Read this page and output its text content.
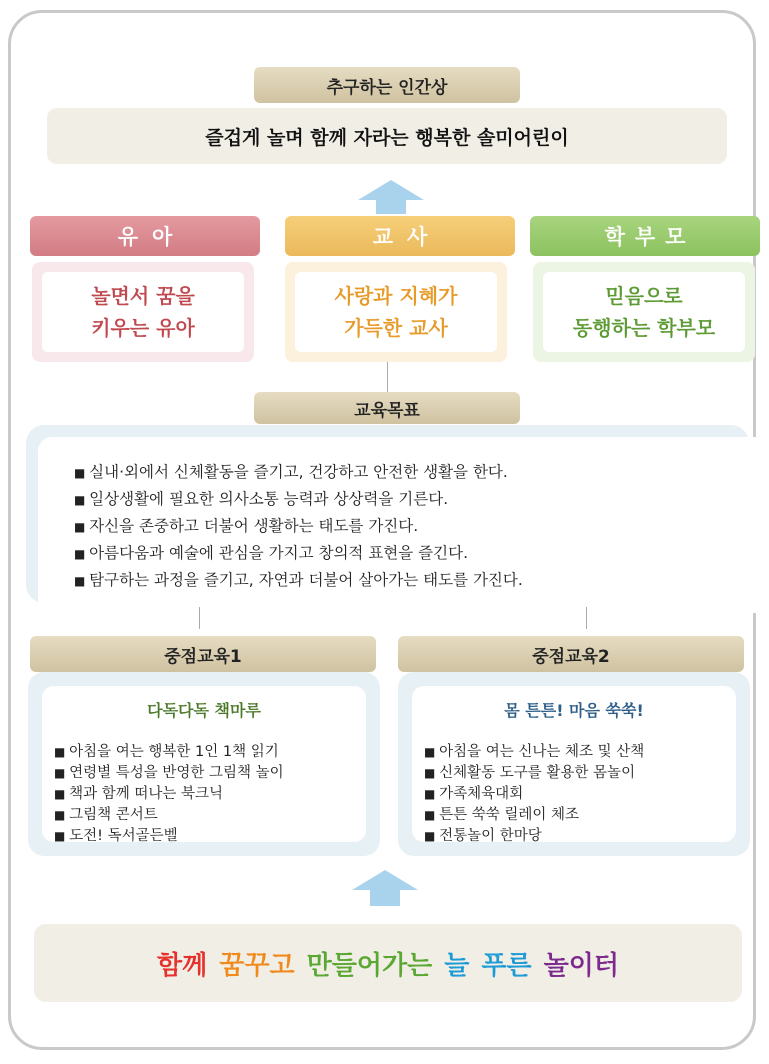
추구하는 인간상
즐겁게 놀며 함께 자라는 행복한 솔미어린이
유아	교사	학부모
놀면서 꿈을
키우는 유아
사랑과 지혜가
가득한 교사
믿음으로
동행하는 학부모
교육목표
■ 실내·외에서 신체활동을 즐기고, 건강하고 안전한 생활을 한다.
■ 일상생활에 필요한 의사소통 능력과 상상력을 기른다.
■ 자신을 존중하고 더불어 생활하는 태도를 가진다.
■ 아름다움과 예술에 관심을 가지고 창의적 표현을 즐긴다.
■ 탐구하는 과정을 즐기고, 자연과 더불어 살아가는 태도를 가진다.
중점교육1
다독다독 책마루
■ 아침을 여는 행복한 1인 1책 읽기
■ 연령별 특성을 반영한 그림책 놀이
■ 책과 함께 떠나는 북크닉
■ 그림책 콘서트
■ 도전! 독서골든벨
중점교육2
몸 튼튼! 마음 쑥쑥!
■ 아침을 여는 신나는 체조 및 산책
■ 신체활동 도구를 활용한 몸놀이
■ 가족체육대회
■ 튼튼 쑥쑥 릴레이 체조
■ 전통놀이 한마당
함께 꿈꾸고 만들어가는 늘 푸른 놀이터
